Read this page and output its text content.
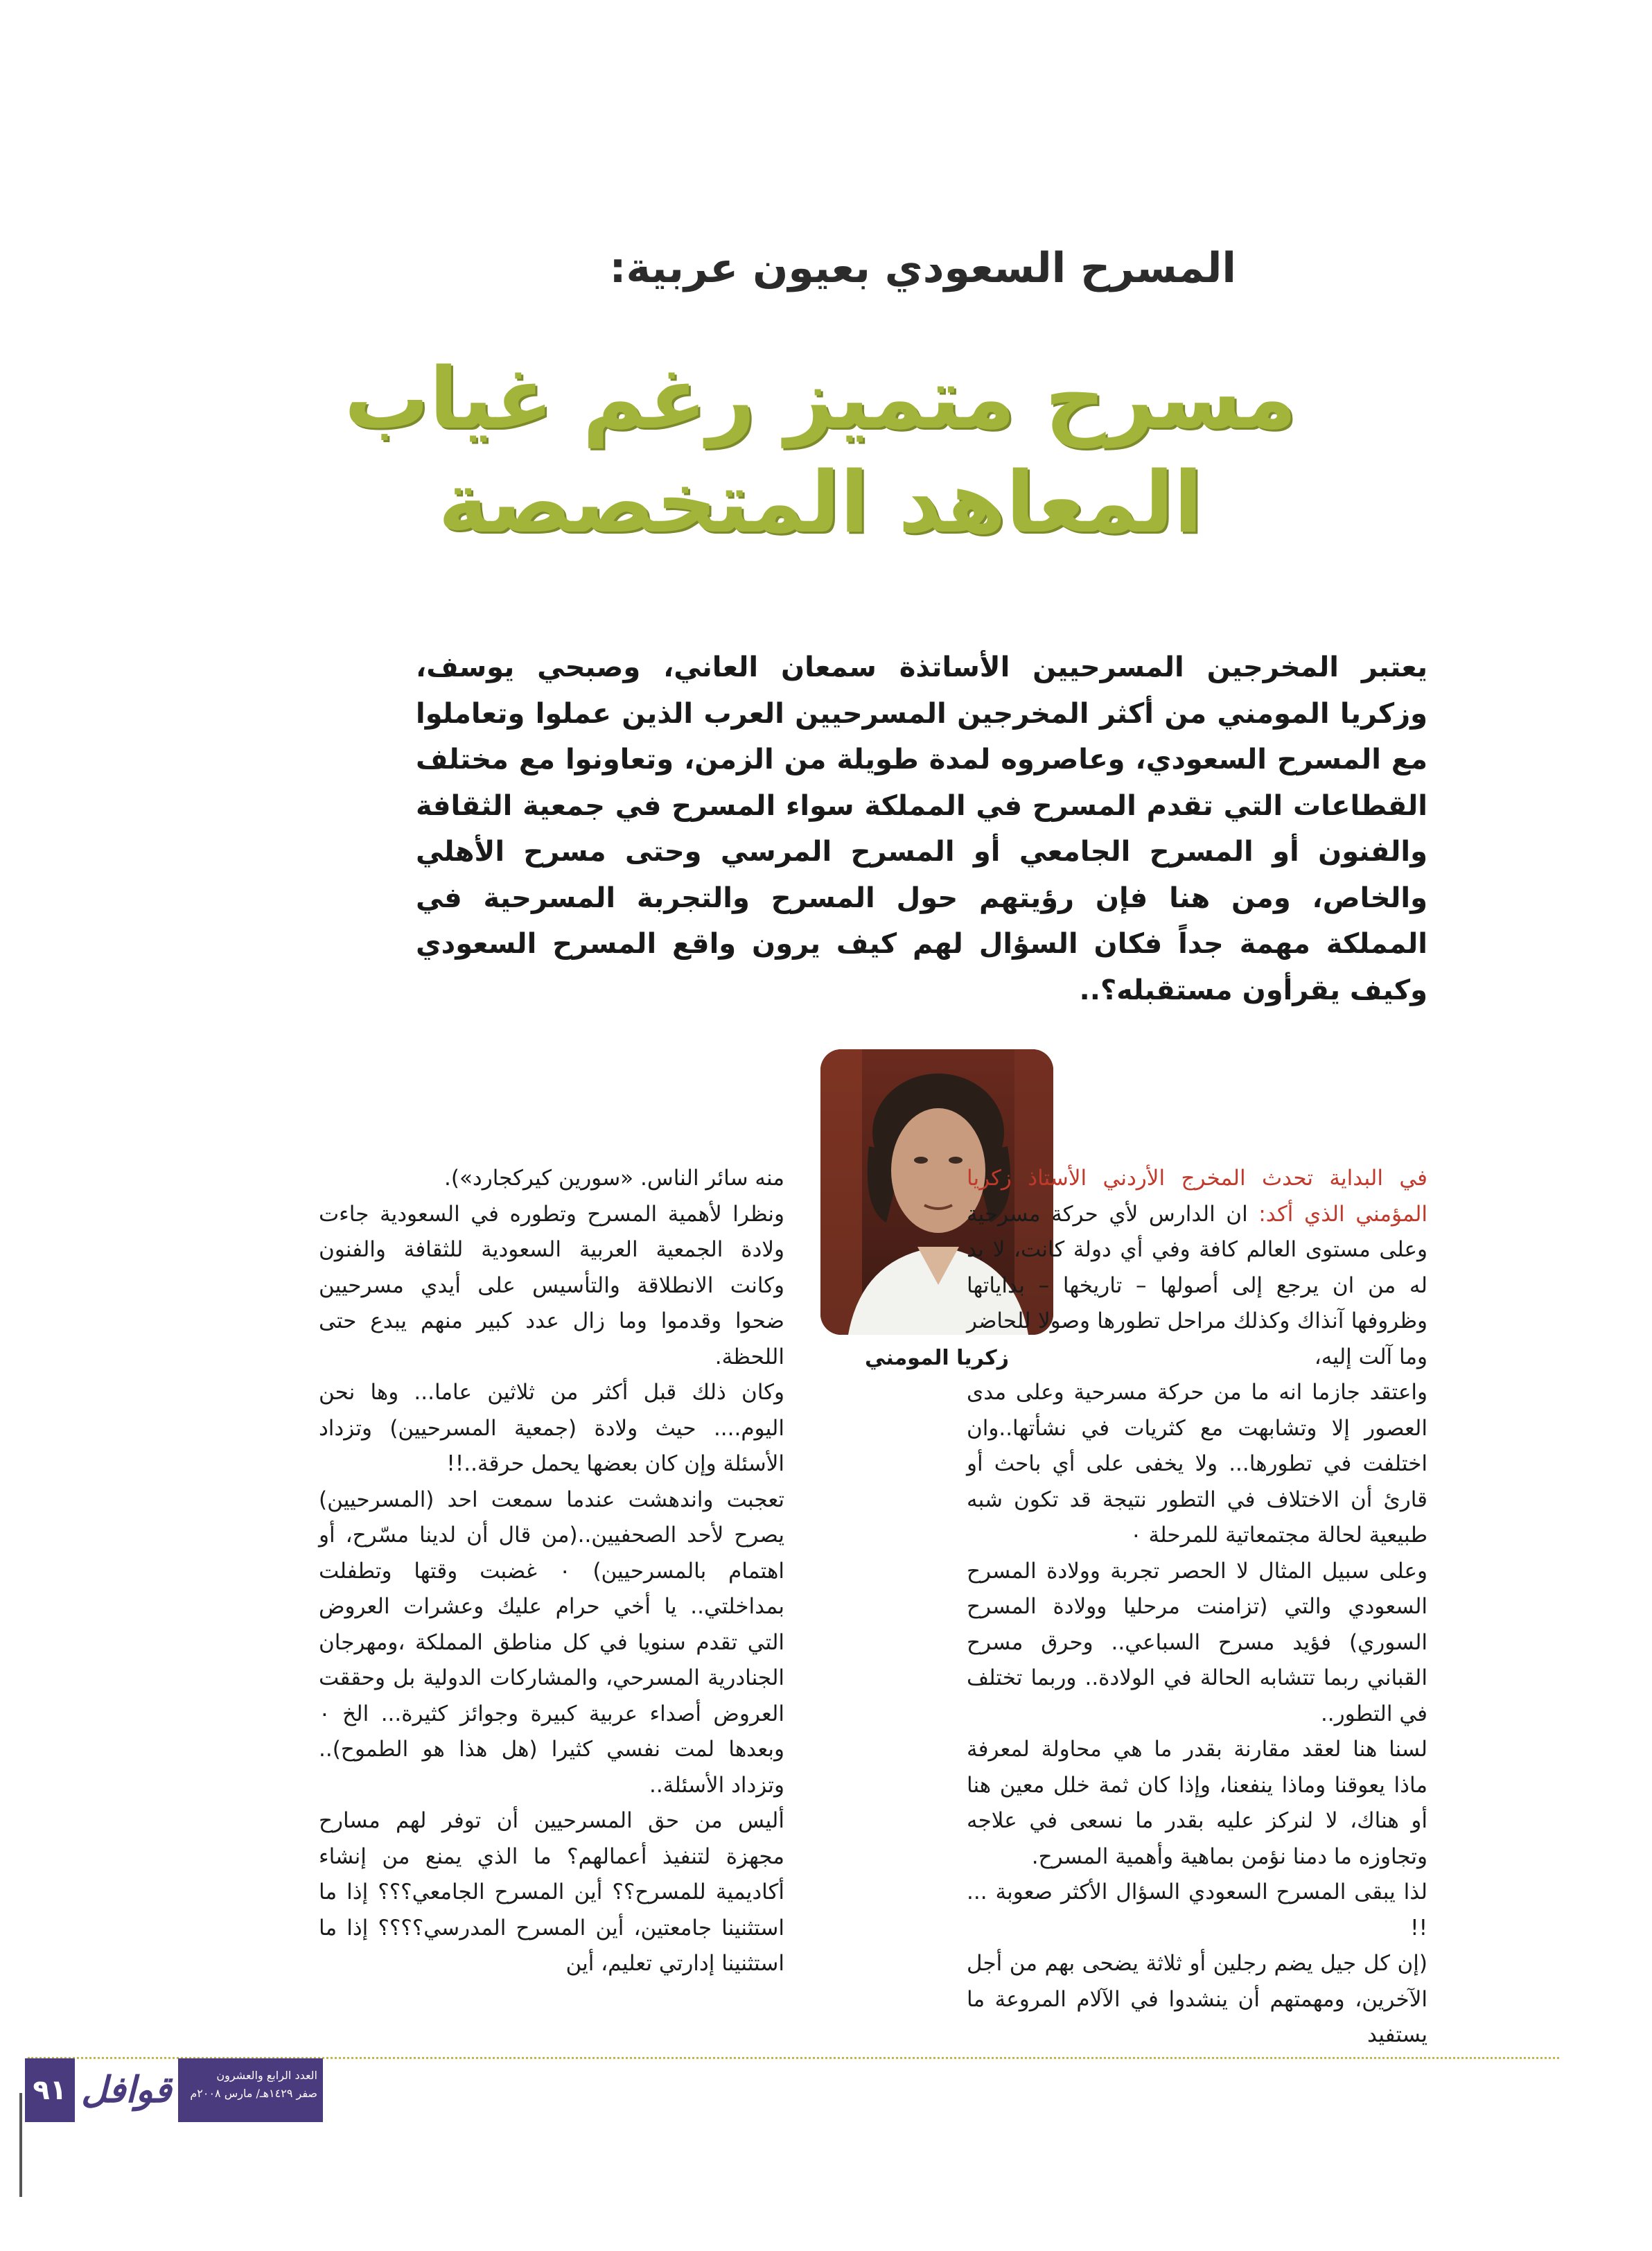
المسرح السعودي بعيون عربية:
مسرح متميز رغم غياب
المعاهد المتخصصة

يعتبر المخرجين المسرحيين الأساتذة سمعان العاني، وصبحي يوسف، وزكريا المومني من أكثر المخرجين المسرحيين العرب الذين عملوا وتعاملوا مع المسرح السعودي، وعاصروه لمدة طويلة من الزمن، وتعاونوا مع مختلف القطاعات التي تقدم المسرح في المملكة سواء المسرح في جمعية الثقافة والفنون أو المسرح الجامعي أو المسرح المرسي وحتى مسرح الأهلي والخاص، ومن هنا فإن رؤيتهم حول المسرح والتجربة المسرحية في المملكة مهمة جداً فكان السؤال لهم كيف يرون واقع المسرح السعودي وكيف يقرأون مستقبله؟..

زكريا المومني

في البداية تحدث المخرج الأردني الأستاذ زكريا المؤمني الذي أكد: ان الدارس لأي حركة مسرحية وعلى مستوى العالم كافة وفي أي دولة كانت، لا بد له من ان يرجع إلى أصولها – تاريخها – بداياتها وظروفها آنذاك وكذلك مراحل تطورها وصولا للحاضر وما آلت إليه،

واعتقد جازما انه ما من حركة مسرحية وعلى مدى العصور إلا وتشابهت مع كثريات في نشأتها..وان اختلفت في تطورها... ولا يخفى على أي باحث أو قارئ أن الاختلاف في التطور نتيجة قد تكون شبه طبيعية لحالة مجتمعاتية للمرحلة ٠

وعلى سبيل المثال لا الحصر تجربة وولادة المسرح السعودي والتي (تزامنت مرحليا وولادة المسرح السوري) فؤيد مسرح السباعي.. وحرق مسرح القباني ربما تتشابه الحالة في الولادة.. وربما تختلف في التطور..

لسنا هنا لعقد مقارنة بقدر ما هي محاولة لمعرفة ماذا يعوقنا وماذا ينفعنا، وإذا كان ثمة خلل معين هنا أو هناك، لا لنركز عليه بقدر ما نسعى في علاجه وتجاوزه ما دمنا نؤمن بماهية وأهمية المسرح.

لذا يبقى المسرح السعودي السؤال الأكثر صعوبة ... !!

(إن كل جيل يضم رجلين أو ثلاثة يضحى بهم من أجل الآخرين، ومهمتهم أن ينشدوا في الآلام المروعة ما يستفيد

منه سائر الناس. «سورين كيركجارد»).

ونظرا لأهمية المسرح وتطوره في السعودية جاءت ولادة الجمعية العربية السعودية للثقافة والفنون وكانت الانطلاقة والتأسيس على أيدي مسرحيين ضحوا وقدموا وما زال عدد كبير منهم يبدع حتى اللحظة.

وكان ذلك قبل أكثر من ثلاثين عاما... وها نحن اليوم.... حيث ولادة (جمعية المسرحيين) وتزداد الأسئلة وإن كان بعضها يحمل حرقة..!!

تعجبت واندهشت عندما سمعت احد (المسرحيين) يصرح لأحد الصحفيين..(من قال أن لدينا مسّرح، أو اهتمام بالمسرحيين) ٠ غضبت وقتها وتطفلت بمداخلتي.. يا أخي حرام عليك وعشرات العروض التي تقدم سنويا في كل مناطق المملكة ،ومهرجان الجنادرية المسرحي، والمشاركات الدولية بل وحققت العروض أصداء عربية كبيرة وجوائز كثيرة... الخ ٠ وبعدها لمت نفسي كثيرا (هل هذا هو الطموح).. وتزداد الأسئلة..

أليس من حق المسرحيين أن توفر لهم مسارح مجهزة لتنفيذ أعمالهم؟ ما الذي يمنع من إنشاء أكاديمية للمسرح؟؟ أين المسرح الجامعي؟؟؟ إذا ما استثنينا جامعتين، أين المسرح المدرسي؟؟؟؟ إذا ما استثنينا إدارتي تعليم، أين

٩١ قوافل	العدد الرابع والعشرون
صفر ١٤٢٩هـ/ مارس ٢٠٠٨م
